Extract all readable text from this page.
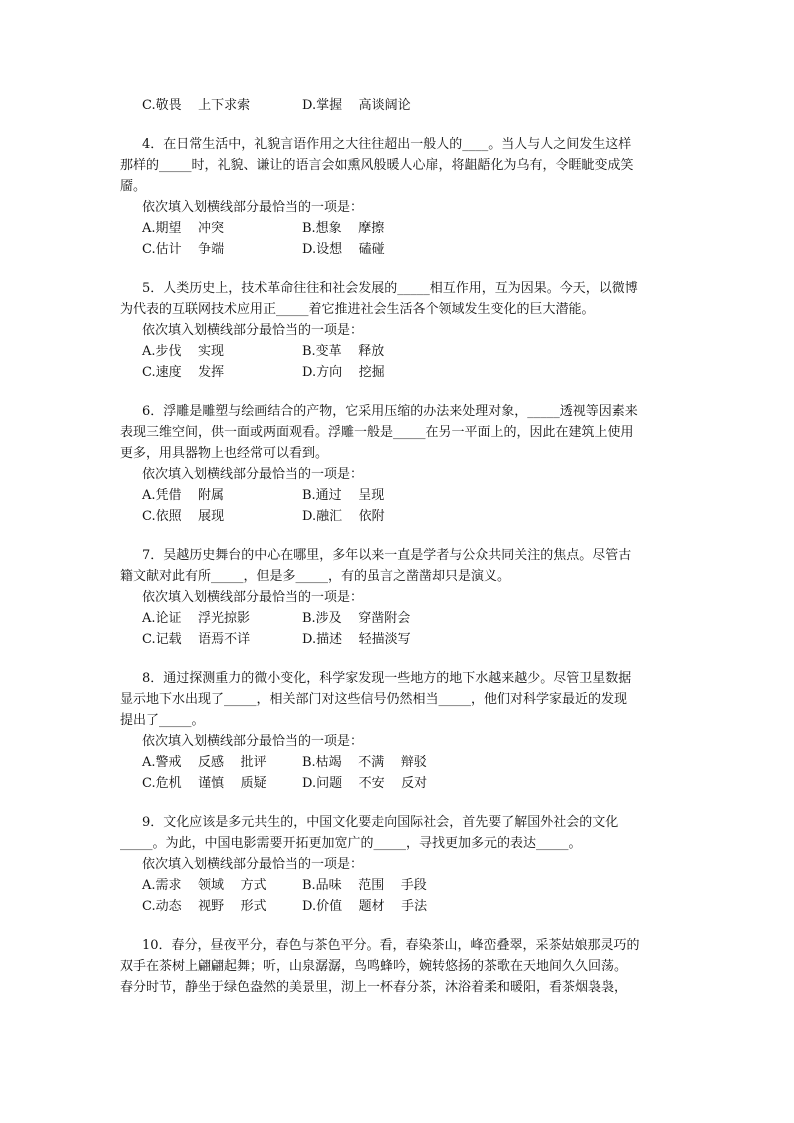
C.敬畏    上下求索	D.掌握    高谈阔论
4．在日常生活中，礼貌言语作用之大往往超出一般人的____。当人与人之间发生这样
那样的_____时，礼貌、谦让的语言会如熏风般暖人心扉，将龃龉化为乌有，令睚眦变成笑
靥。
依次填入划横线部分最恰当的一项是：
A.期望    冲突	B.想象    摩擦
C.估计    争端	D.设想    磕碰
5．人类历史上，技术革命往往和社会发展的_____相互作用，互为因果。今天，以微博
为代表的互联网技术应用正_____着它推进社会生活各个领域发生变化的巨大潜能。
依次填入划横线部分最恰当的一项是：
A.步伐    实现	B.变革    释放
C.速度    发挥	D.方向    挖掘
6．浮雕是雕塑与绘画结合的产物，它采用压缩的办法来处理对象，_____透视等因素来
表现三维空间，供一面或两面观看。浮雕一般是_____在另一平面上的，因此在建筑上使用
更多，用具器物上也经常可以看到。
依次填入划横线部分最恰当的一项是：
A.凭借    附属	B.通过    呈现
C.依照    展现	D.融汇    依附
7．吴越历史舞台的中心在哪里，多年以来一直是学者与公众共同关注的焦点。尽管古
籍文献对此有所_____，但是多_____，有的虽言之凿凿却只是演义。
依次填入划横线部分最恰当的一项是：
A.论证    浮光掠影	B.涉及    穿凿附会
C.记载    语焉不详	D.描述    轻描淡写
8．通过探测重力的微小变化，科学家发现一些地方的地下水越来越少。尽管卫星数据
显示地下水出现了_____，相关部门对这些信号仍然相当_____，他们对科学家最近的发现
提出了_____。
依次填入划横线部分最恰当的一项是：
A.警戒    反感    批评	B.枯竭    不满    辩驳
C.危机    谨慎    质疑	D.问题    不安    反对
9．文化应该是多元共生的，中国文化要走向国际社会，首先要了解国外社会的文化
_____。为此，中国电影需要开拓更加宽广的_____，寻找更加多元的表达_____。
依次填入划横线部分最恰当的一项是：
A.需求    领域    方式	B.品味    范围    手段
C.动态    视野    形式	D.价值    题材    手法
10．春分，昼夜平分，春色与茶色平分。看，春染茶山，峰峦叠翠，采茶姑娘那灵巧的
双手在茶树上翩翩起舞；听，山泉潺潺，鸟鸣蜂吟，婉转悠扬的茶歌在天地间久久回荡。
春分时节，静坐于绿色盎然的美景里，沏上一杯春分茶，沐浴着柔和暖阳，看茶烟袅袅，
